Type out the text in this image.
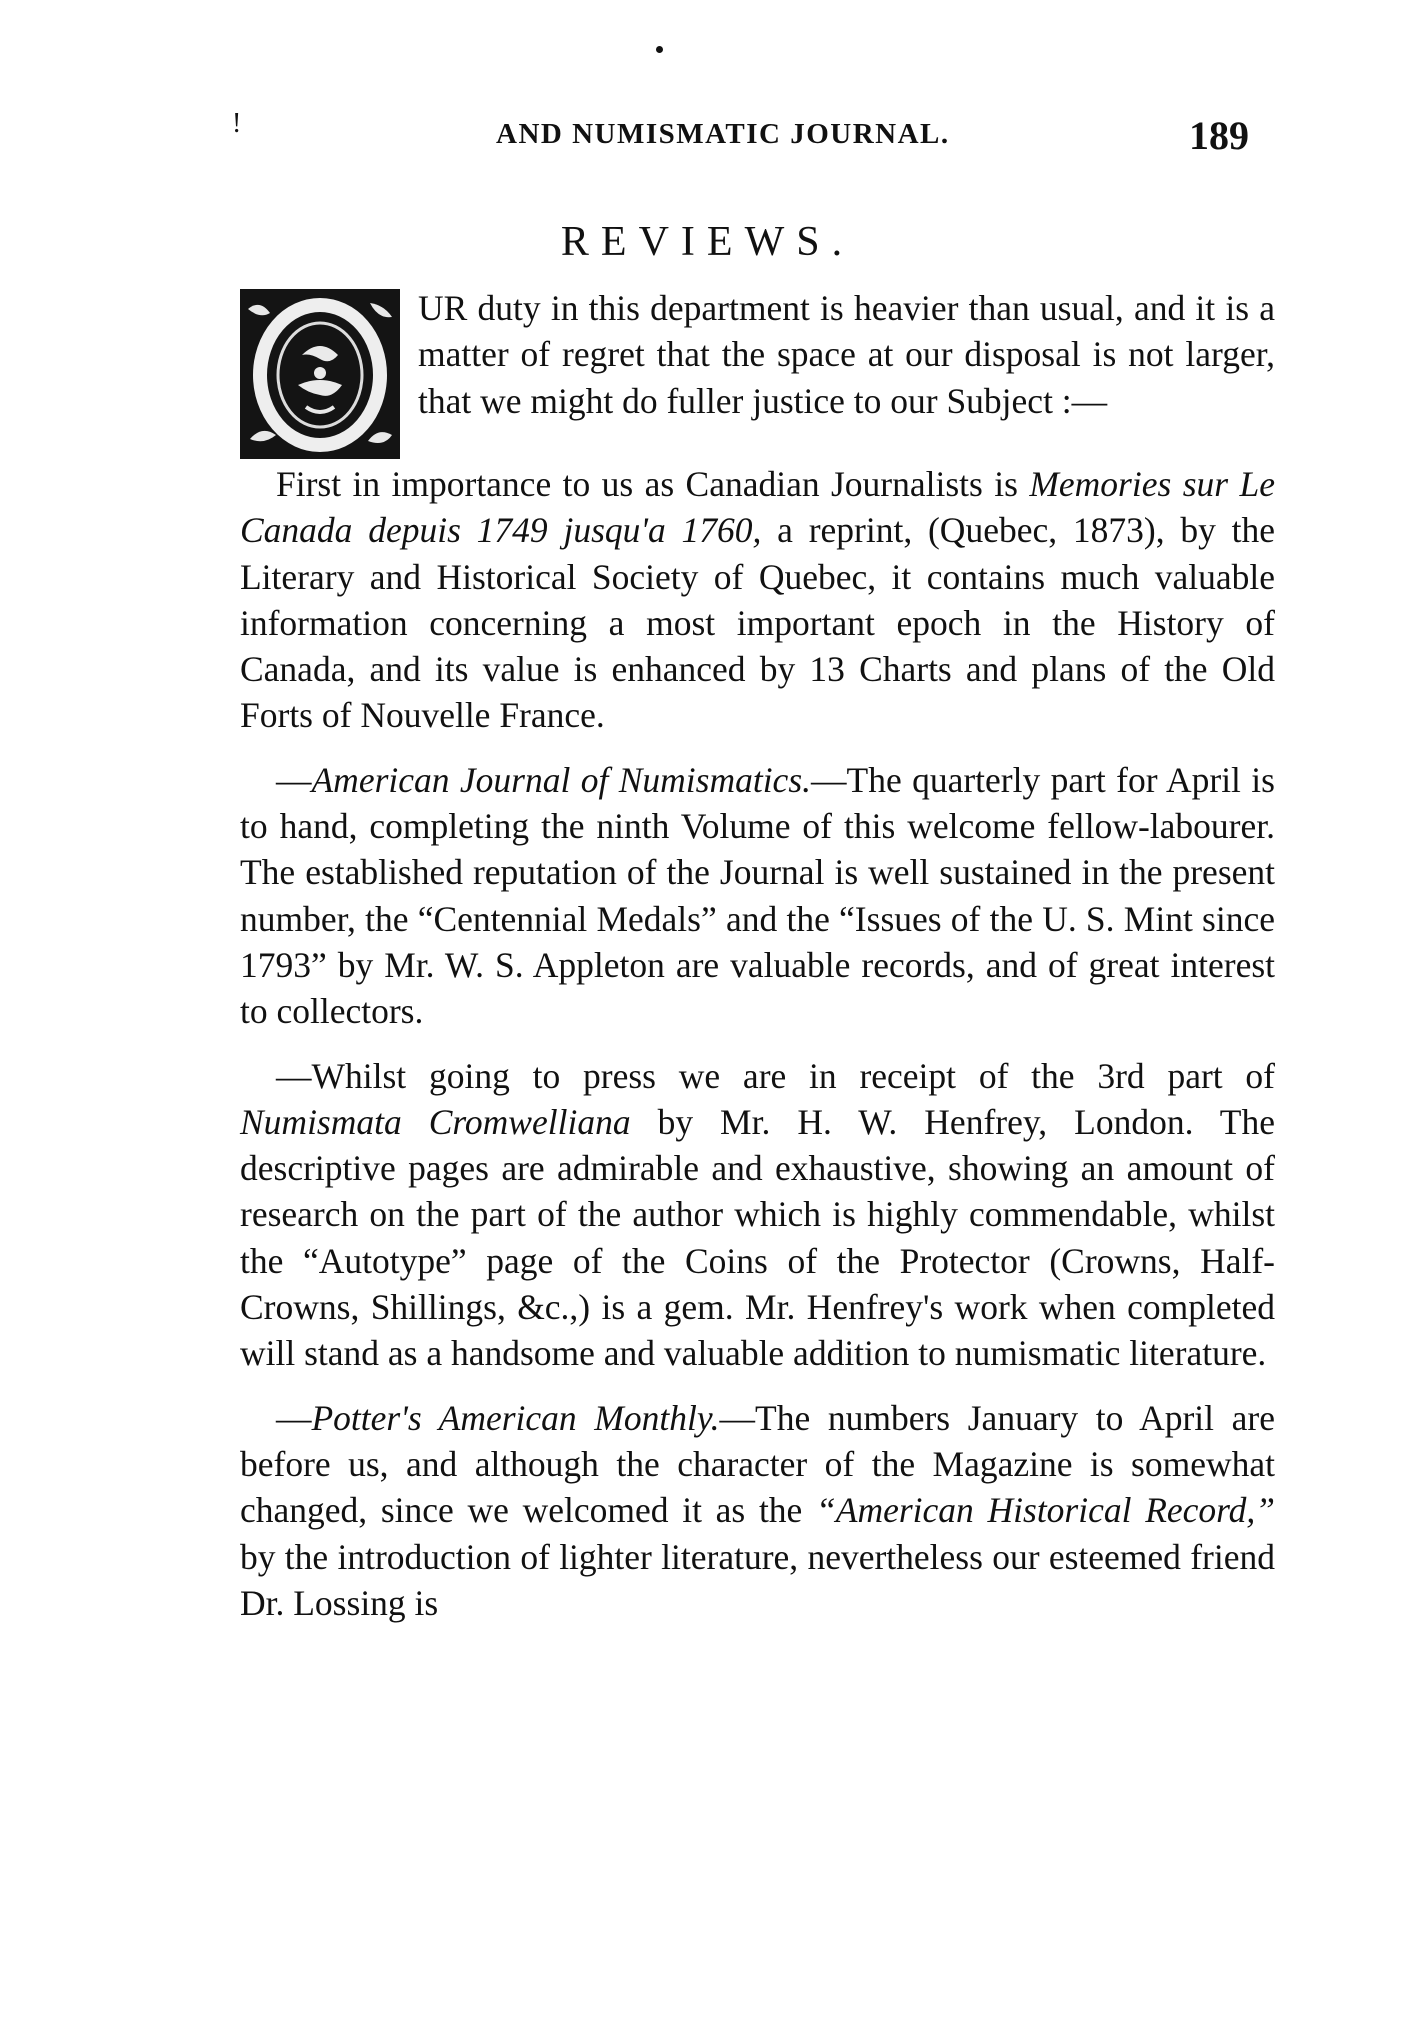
!	AND NUMISMATIC JOURNAL.	189
REVIEWS.

UR duty in this department is heavier than usual, and it is a matter of regret that the space at our disposal is not larger, that we might do fuller justice to our Subject :—

First in importance to us as Canadian Journalists is Memories sur Le Canada depuis 1749 jusqu'a 1760, a reprint, (Quebec, 1873), by the Literary and Historical Society of Quebec, it contains much valuable information concerning a most important epoch in the History of Canada, and its value is enhanced by 13 Charts and plans of the Old Forts of Nouvelle France.

—American Journal of Numismatics.—The quarterly part for April is to hand, completing the ninth Volume of this welcome fellow-labourer. The established reputation of the Journal is well sustained in the present number, the “Centennial Medals” and the “Issues of the U. S. Mint since 1793” by Mr. W. S. Appleton are valuable records, and of great interest to collectors.

—Whilst going to press we are in receipt of the 3rd part of Numismata Cromwelliana by Mr. H. W. Henfrey, London. The descriptive pages are admirable and exhaustive, showing an amount of research on the part of the author which is highly commendable, whilst the “Autotype” page of the Coins of the Protector (Crowns, Half-Crowns, Shillings, &c.,) is a gem. Mr. Henfrey's work when completed will stand as a handsome and valuable addition to numismatic literature.

—Potter's American Monthly.—The numbers January to April are before us, and although the character of the Magazine is somewhat changed, since we welcomed it as the “American Historical Record,” by the introduction of lighter literature, nevertheless our esteemed friend Dr. Lossing is
